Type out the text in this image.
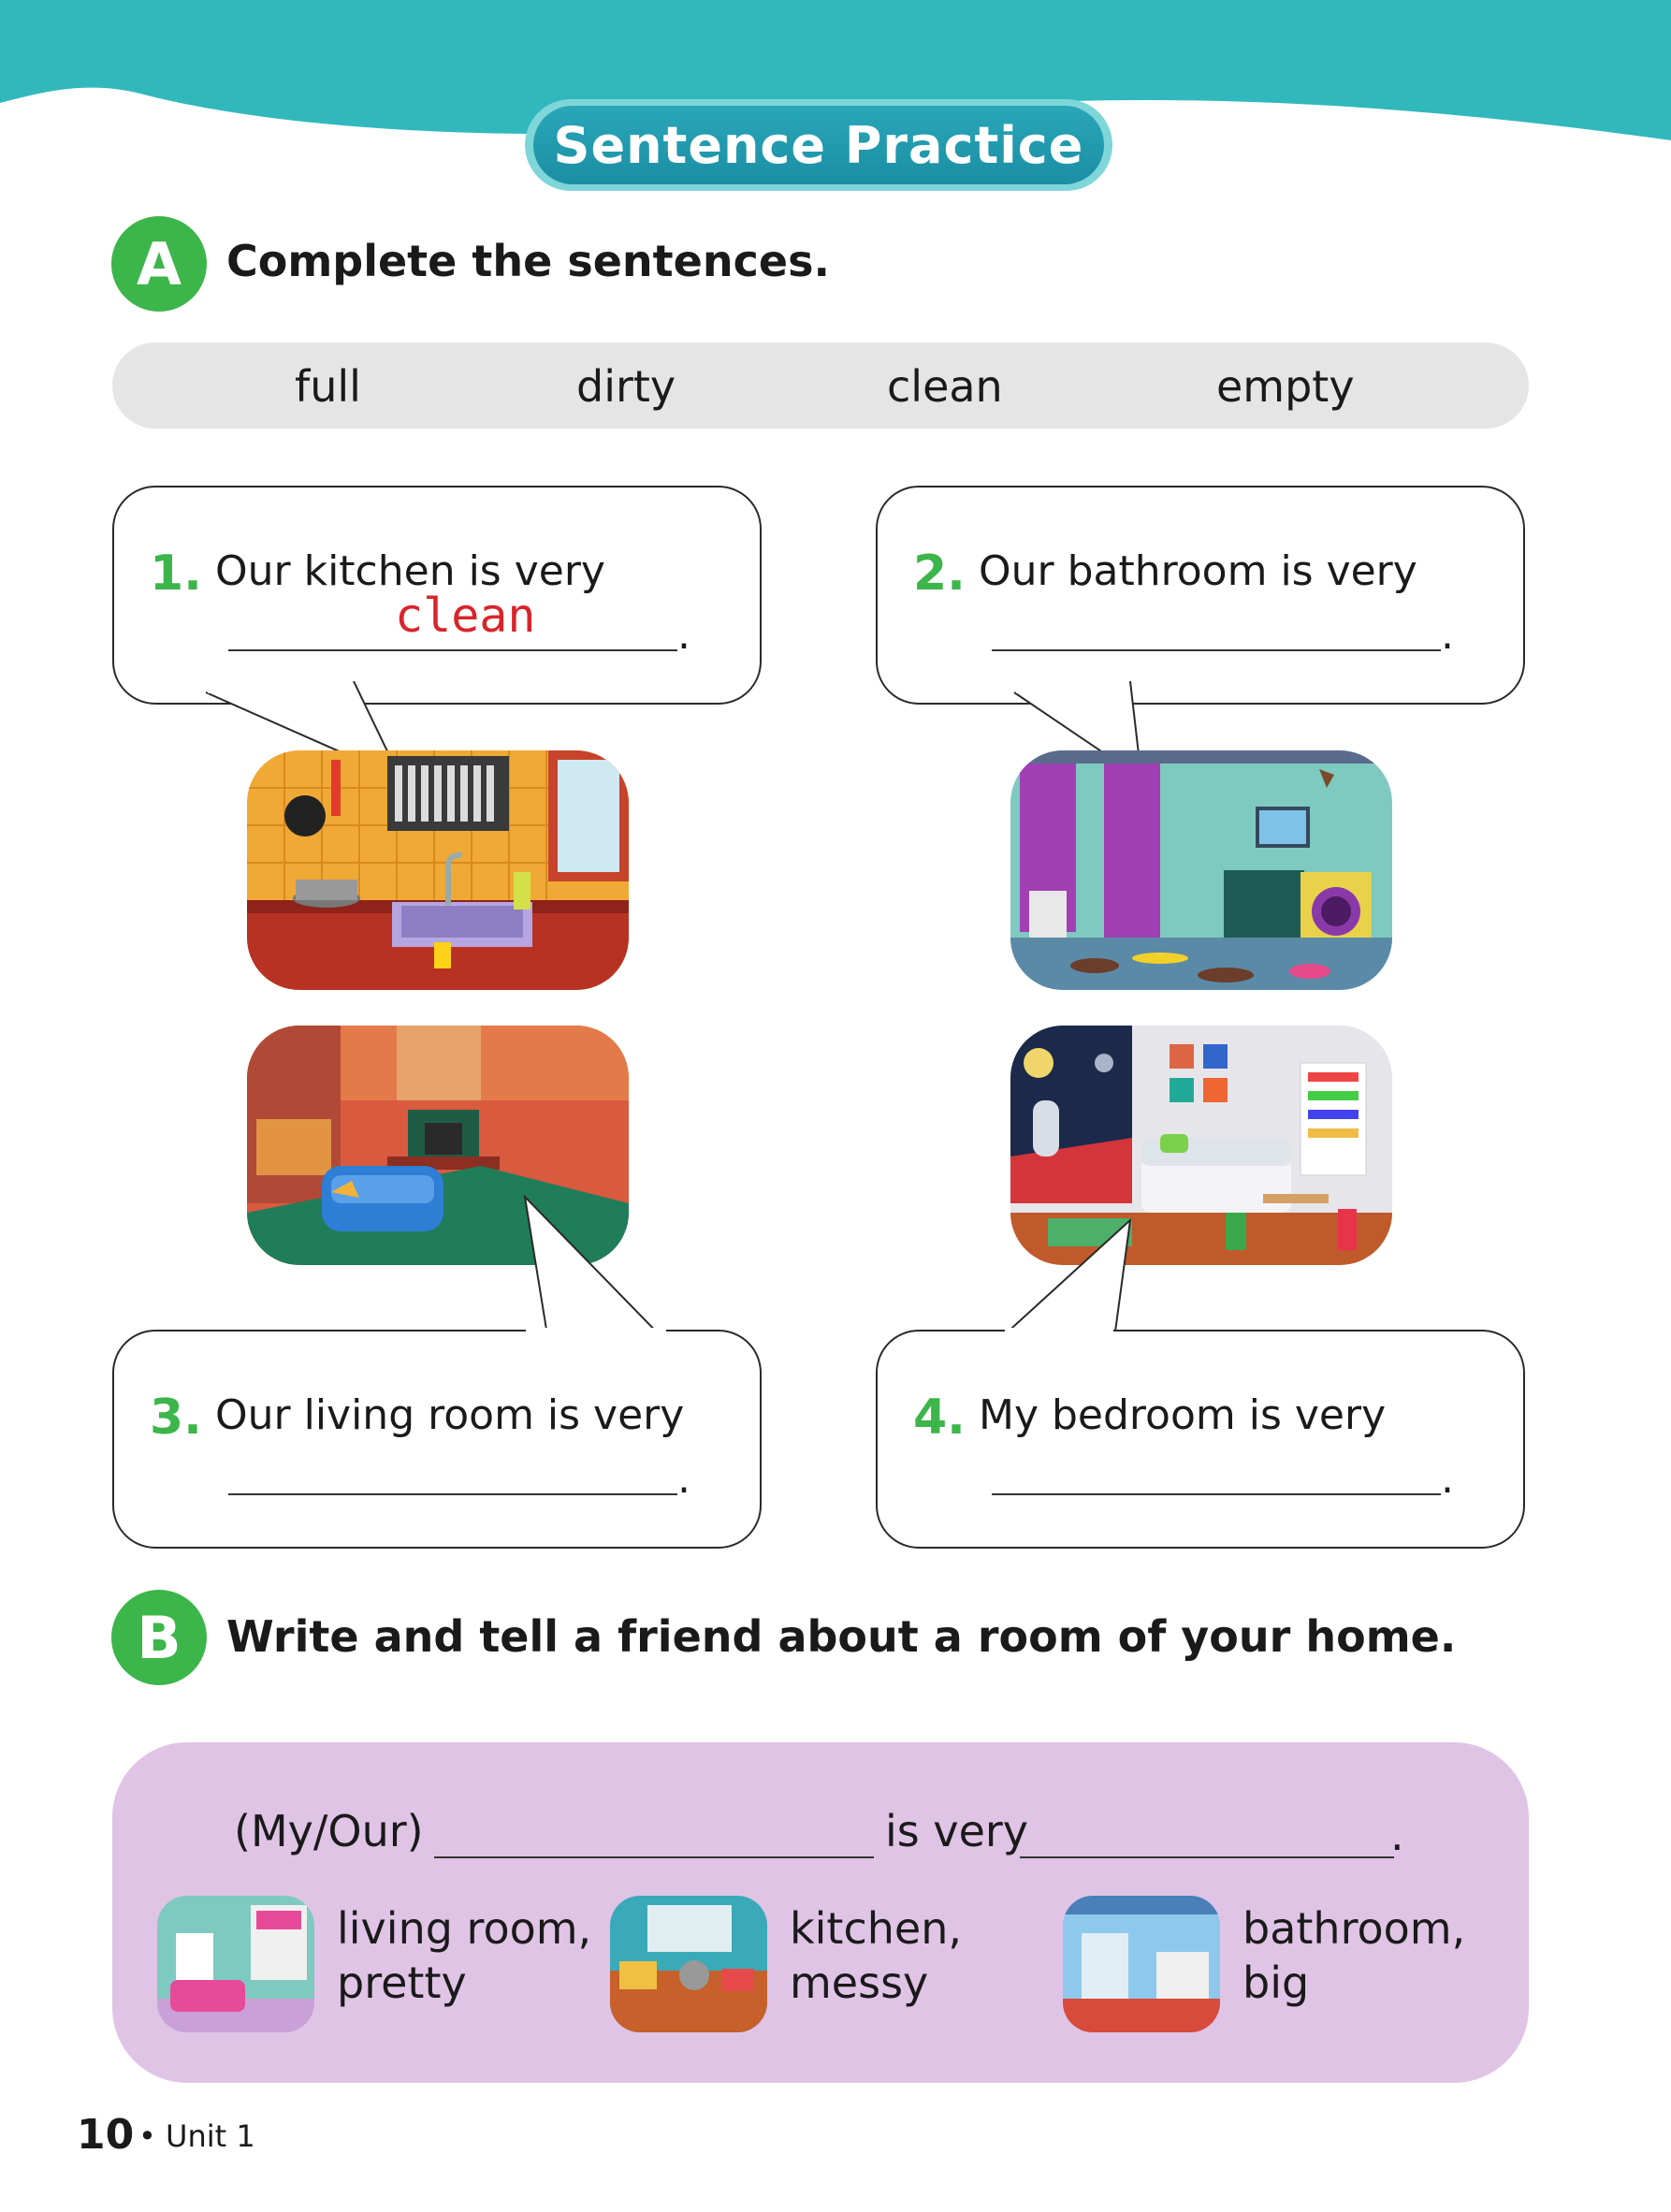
Sentence Practice
A	Complete the sentences.
full	dirty	clean	empty
1. Our kitchen is very
clean	.
2. Our bathroom is very
.
3. Our living room is very
.
4. My bedroom is very
.
B	Write and tell a friend about a room of your home.
(My/Our)	is very	.
living room,
pretty
kitchen,
messy
bathroom,
big
10 • Unit 1
